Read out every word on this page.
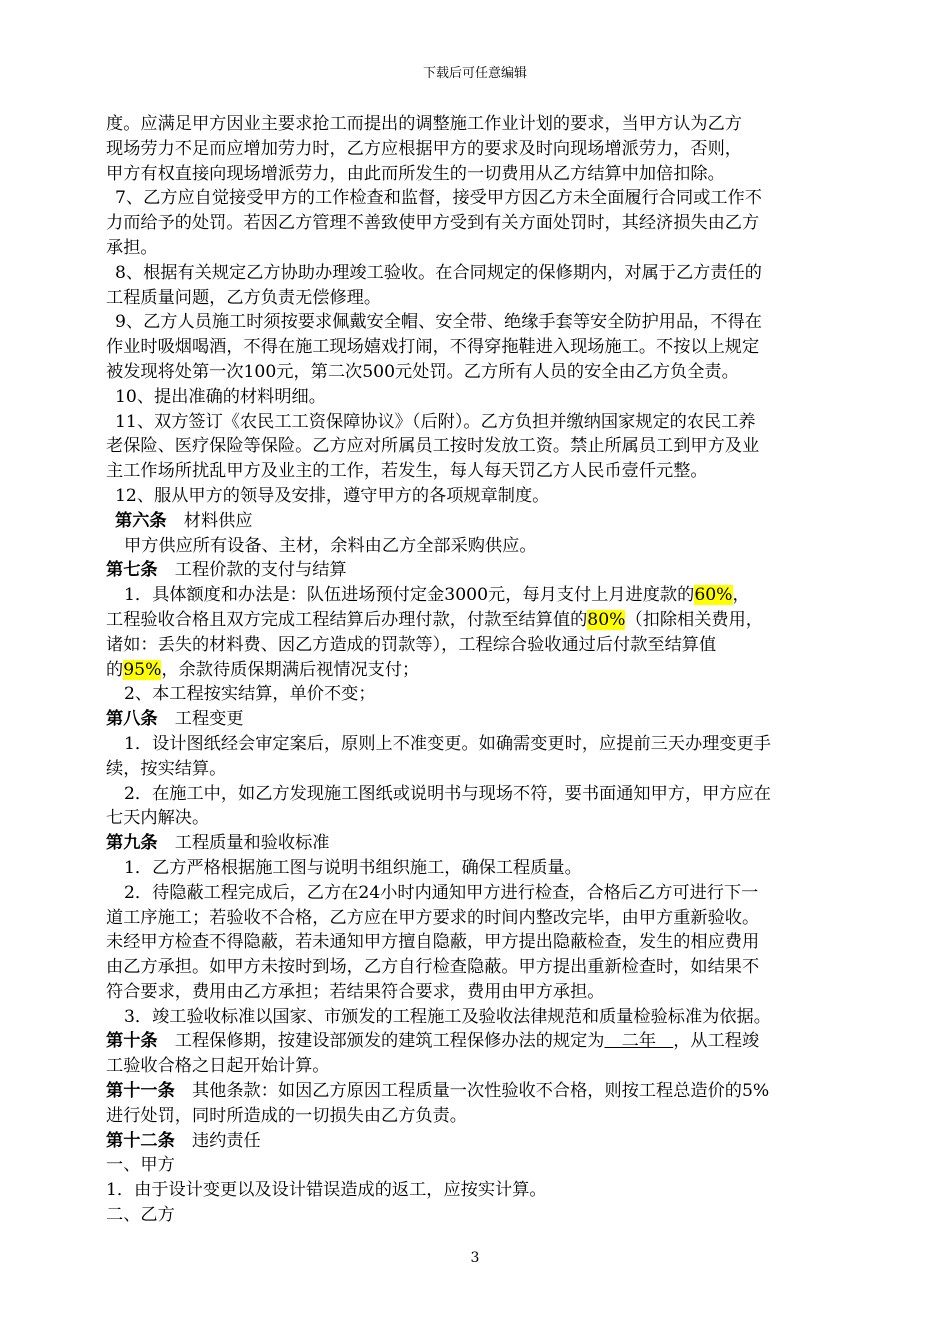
下载后可任意编辑

度。应满足甲方因业主要求抢工而提出的调整施工作业计划的要求，当甲方认为乙方

现场劳力不足而应增加劳力时，乙方应根据甲方的要求及时向现场增派劳力，否则，

甲方有权直接向现场增派劳力，由此而所发生的一切费用从乙方结算中加倍扣除。

7、乙方应自觉接受甲方的工作检查和监督，接受甲方因乙方未全面履行合同或工作不

力而给予的处罚。若因乙方管理不善致使甲方受到有关方面处罚时，其经济损失由乙方

承担。

8、根据有关规定乙方协助办理竣工验收。在合同规定的保修期内，对属于乙方责任的

工程质量问题，乙方负责无偿修理。

9、乙方人员施工时须按要求佩戴安全帽、安全带、绝缘手套等安全防护用品，不得在

作业时吸烟喝酒，不得在施工现场嬉戏打闹，不得穿拖鞋进入现场施工。不按以上规定

被发现将处第一次100元，第二次500元处罚。乙方所有人员的安全由乙方负全责。

10、提出准确的材料明细。

11、双方签订《农民工工资保障协议》（后附）。乙方负担并缴纳国家规定的农民工养

老保险、医疗保险等保险。乙方应对所属员工按时发放工资。禁止所属员工到甲方及业

主工作场所扰乱甲方及业主的工作，若发生，每人每天罚乙方人民币壹仟元整。

12、服从甲方的领导及安排，遵守甲方的各项规章制度。

第六条　材料供应

甲方供应所有设备、主材，余料由乙方全部采购供应。

第七条　工程价款的支付与结算

1．具体额度和办法是：队伍进场预付定金3000元，每月支付上月进度款的60%，

工程验收合格且双方完成工程结算后办理付款，付款至结算值的80%（扣除相关费用，

诸如：丢失的材料费、因乙方造成的罚款等），工程综合验收通过后付款至结算值

的95%，余款待质保期满后视情况支付；

2、本工程按实结算，单价不变；

第八条　工程变更

1．设计图纸经会审定案后，原则上不准变更。如确需变更时，应提前三天办理变更手

续，按实结算。

2．在施工中，如乙方发现施工图纸或说明书与现场不符，要书面通知甲方，甲方应在

七天内解决。

第九条　工程质量和验收标准

1．乙方严格根据施工图与说明书组织施工，确保工程质量。

2．待隐蔽工程完成后，乙方在24小时内通知甲方进行检查，合格后乙方可进行下一

道工序施工；若验收不合格，乙方应在甲方要求的时间内整改完毕，由甲方重新验收。

未经甲方检查不得隐蔽，若未通知甲方擅自隐蔽，甲方提出隐蔽检查，发生的相应费用

由乙方承担。如甲方未按时到场，乙方自行检查隐蔽。甲方提出重新检查时，如结果不

符合要求，费用由乙方承担；若结果符合要求，费用由甲方承担。

3．竣工验收标准以国家、市颁发的工程施工及验收法律规范和质量检验标准为依据。

第十条　工程保修期，按建设部颁发的建筑工程保修办法的规定为　二年　，从工程竣

工验收合格之日起开始计算。

第十一条　其他条款：如因乙方原因工程质量一次性验收不合格，则按工程总造价的5%

进行处罚，同时所造成的一切损失由乙方负责。

第十二条　违约责任

一、甲方

1．由于设计变更以及设计错误造成的返工，应按实计算。

二、乙方

3
